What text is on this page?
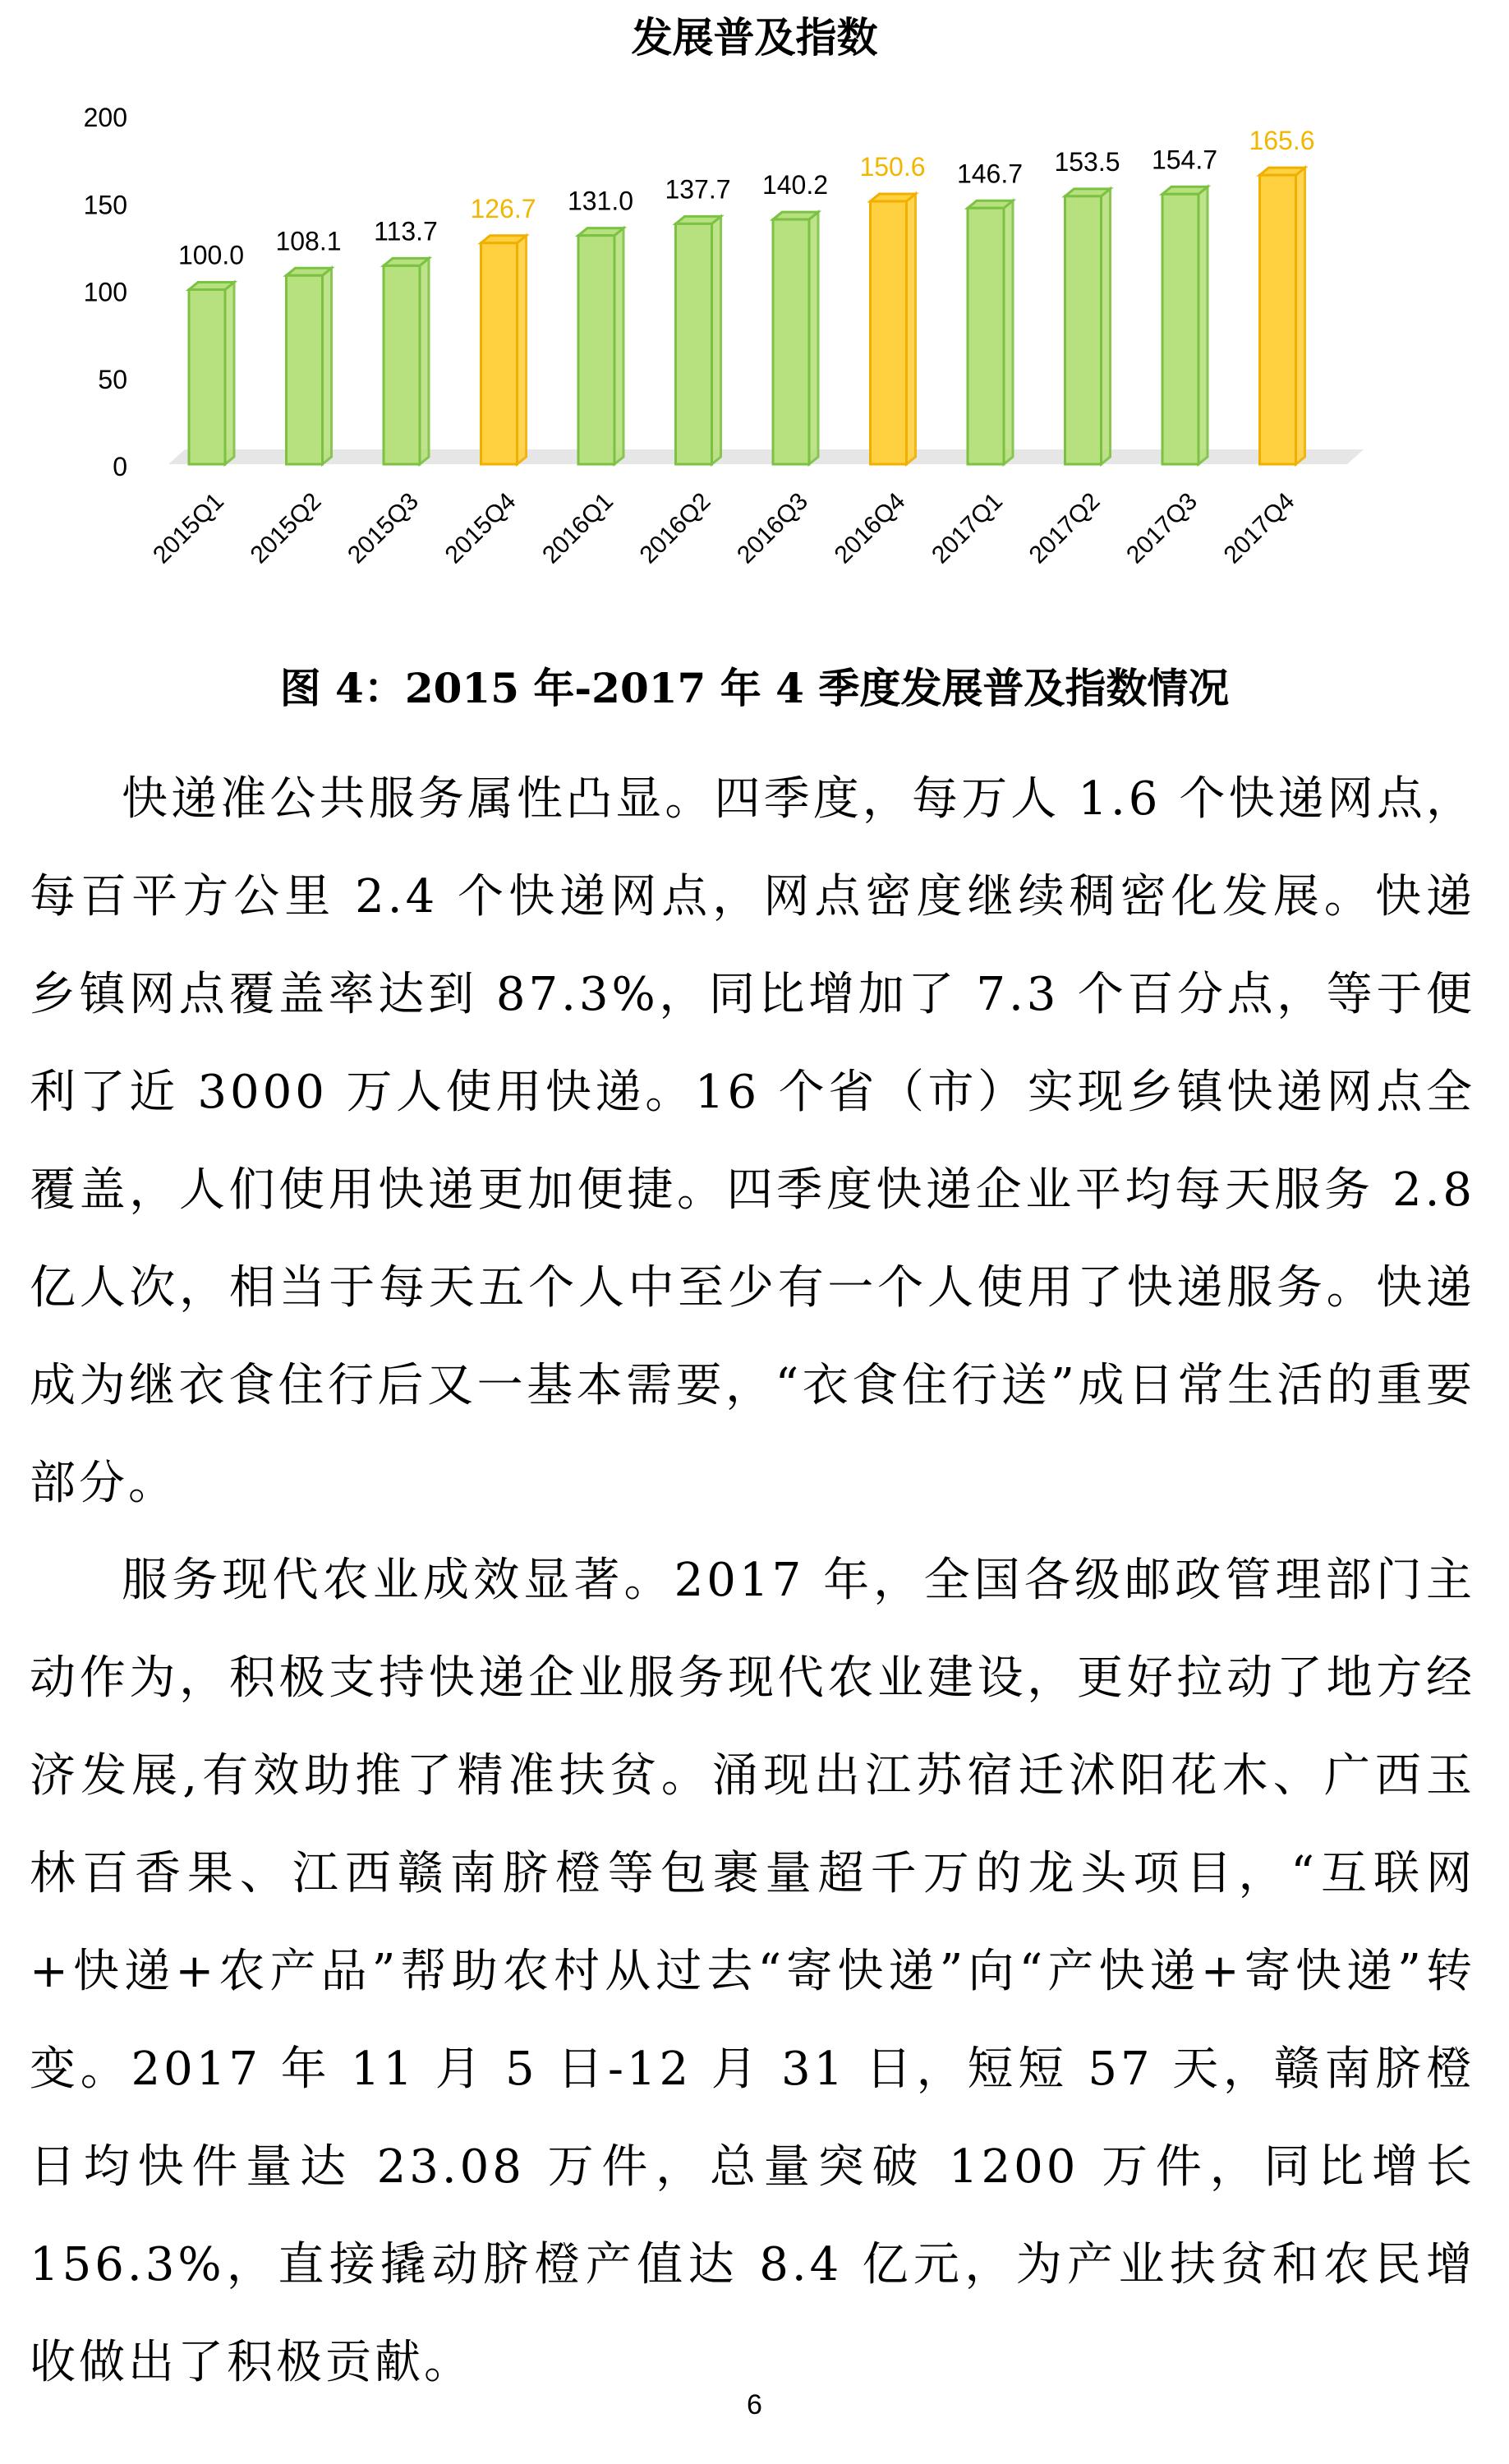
发展普及指数
0
50
100
150
200
100.0
2015Q1
108.1
2015Q2
113.7
2015Q3
126.7
2015Q4
131.0
2016Q1
137.7
2016Q2
140.2
2016Q3
150.6
2016Q4
146.7
2017Q1
153.5
2017Q2
154.7
2017Q3
165.6
2017Q4
图 4：2015 年-2017 年 4 季度发展普及指数情况

快递准公共服务属性凸显。四季度，每万人 1.6 个快递网点，每百平方公里 2.4 个快递网点，网点密度继续稠密化发展。快递乡镇网点覆盖率达到 87.3%，同比增加了 7.3 个百分点，等于便利了近 3000 万人使用快递。16 个省（市）实现乡镇快递网点全覆盖，人们使用快递更加便捷。四季度快递企业平均每天服务 2.8 亿人次，相当于每天五个人中至少有一个人使用了快递服务。快递成为继衣食住行后又一基本需要，“衣食住行送”成日常生活的重要部分。

服务现代农业成效显著。2017 年，全国各级邮政管理部门主动作为，积极支持快递企业服务现代农业建设，更好拉动了地方经济发展,有效助推了精准扶贫。涌现出江苏宿迁沭阳花木、广西玉林百香果、江西赣南脐橙等包裹量超千万的龙头项目，“互联网+快递+农产品”帮助农村从过去“寄快递”向“产快递+寄快递”转变。2017 年 11 月 5 日-12 月 31 日，短短 57 天，赣南脐橙日均快件量达 23.08 万件，总量突破 1200 万件，同比增长 156.3%，直接撬动脐橙产值达 8.4 亿元，为产业扶贫和农民增收做出了积极贡献。

6
